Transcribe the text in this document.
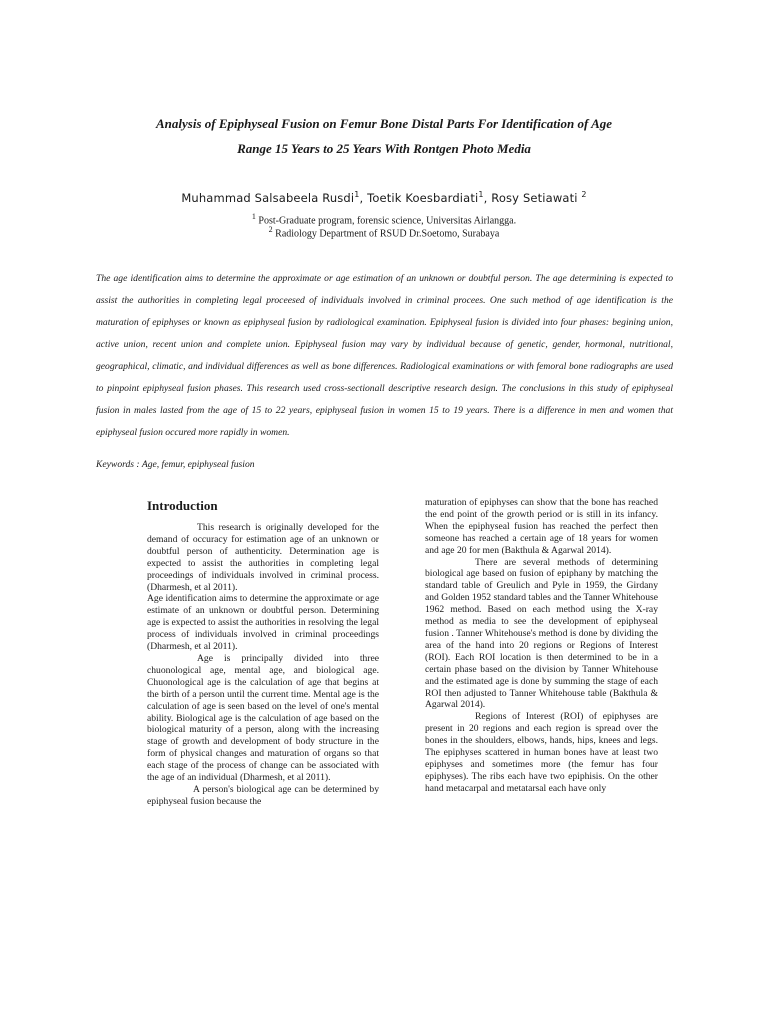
Analysis of Epiphyseal Fusion on Femur Bone Distal Parts For Identification of Age
Range 15 Years to 25 Years With Rontgen Photo Media
Muhammad Salsabeela Rusdi$^1$, Toetik Koesbardiati$^1$, Rosy Setiawati $^2$
$^1$ Post-Graduate program, forensic science, Universitas Airlangga.
$^2$ Radiology Department of RSUD Dr.Soetomo, Surabaya
The age identification aims to determine the approximate or age estimation of an unknown or doubtful person. The age determining is expected to assist the authorities in completing legal proceesed of individuals involved in criminal procees. One such method of age identification is the maturation of epiphyses or known as epiphyseal fusion by radiological examination. Epiphyseal fusion is divided into four phases: begining union, active union, recent union and complete union. Epiphyseal fusion may vary by individual because of genetic, gender, hormonal, nutritional, geographical, climatic, and individual differences as well as bone differences. Radiological examinations or with femoral bone radiographs are used to pinpoint epiphyseal fusion phases. This research used cross-sectionall descriptive research design. The conclusions in this study of epiphyseal fusion in males lasted from the age of 15 to 22 years, epiphyseal fusion in women 15 to 19 years. There is a difference in men and women that epiphyseal fusion occured more rapidly in women.
Keywords : Age, femur, epiphyseal fusion
Introduction

This research is originally developed for the demand of occuracy for estimation age of an unknown or doubtful person of authenticity. Determination age is expected to assist the authorities in completing legal proceedings of individuals involved in criminal process. (Dharmesh, et al 2011).

Age identification aims to determine the approximate or age estimate of an unknown or doubtful person. Determining age is expected to assist the authorities in resolving the legal process of individuals involved in criminal proceedings (Dharmesh, et al 2011).

Age is principally divided into three chuonological age, mental age, and biological age. Chuonological age is the calculation of age that begins at the birth of a person until the current time. Mental age is the calculation of age is seen based on the level of one's mental ability. Biological age is the calculation of age based on the biological maturity of a person, along with the increasing stage of growth and development of body structure in the form of physical changes and maturation of organs so that each stage of the process of change can be associated with the age of an individual (Dharmesh, et al 2011).

A person's biological age can be determined by epiphyseal fusion because the

maturation of epiphyses can show that the bone has reached the end point of the growth period or is still in its infancy. When the epiphyseal fusion has reached the perfect then someone has reached a certain age of 18 years for women and age 20 for men (Bakthula & Agarwal 2014).

There are several methods of determining biological age based on fusion of epiphany by matching the standard table of Greulich and Pyle in 1959, the Girdany and Golden 1952 standard tables and the Tanner Whitehouse 1962 method. Based on each method using the X-ray method as media to see the development of epiphyseal fusion . Tanner Whitehouse's method is done by dividing the area of the hand into 20 regions or Regions of Interest (ROI). Each ROI location is then determined to be in a certain phase based on the division by Tanner Whitehouse and the estimated age is done by summing the stage of each ROI then adjusted to Tanner Whitehouse table (Bakthula & Agarwal 2014).

Regions of Interest (ROI) of epiphyses are present in 20 regions and each region is spread over the bones in the shoulders, elbows, hands, hips, knees and legs. The epiphyses scattered in human bones have at least two epiphyses and sometimes more (the femur has four epiphyses). The ribs each have two epiphisis. On the other hand metacarpal and metatarsal each have only
